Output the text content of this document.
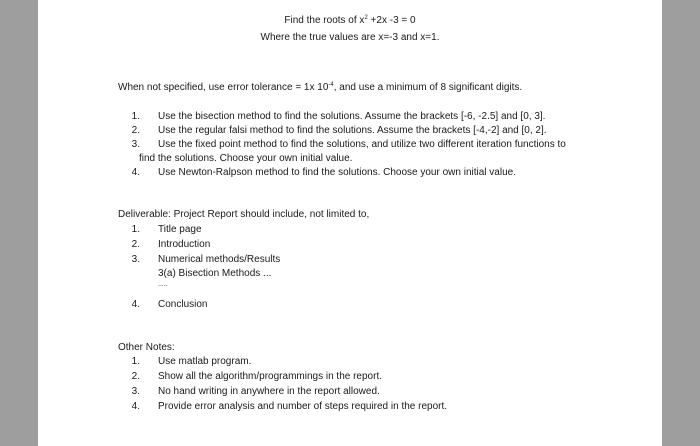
Find the roots of $x^2 +2x$ -3 = 0
Where the true values are x=-3 and x=1.
When not specified, use error tolerance = 1x $10^{-4}$, and use a minimum of 8 significant digits.
1. Use the bisection method to find the solutions. Assume the brackets [-6, -2.5] and [0, 3].
2. Use the regular falsi method to find the solutions. Assume the brackets [-4,-2] and [0, 2].
3. Use the fixed point method to find the solutions, and utilize two different iteration functions to
find the solutions. Choose your own initial value.
4. Use Newton-Ralpson method to find the solutions. Choose your own initial value.
Deliverable: Project Report should include, not limited to,
1. Title page
2. Introduction
3. Numerical methods/Results
3(a) Bisection Methods ...
.....
4. Conclusion
Other Notes:
1. Use matlab program.
2. Show all the algorithm/programmings in the report.
3. No hand writing in anywhere in the report allowed.
4. Provide error analysis and number of steps required in the report.
